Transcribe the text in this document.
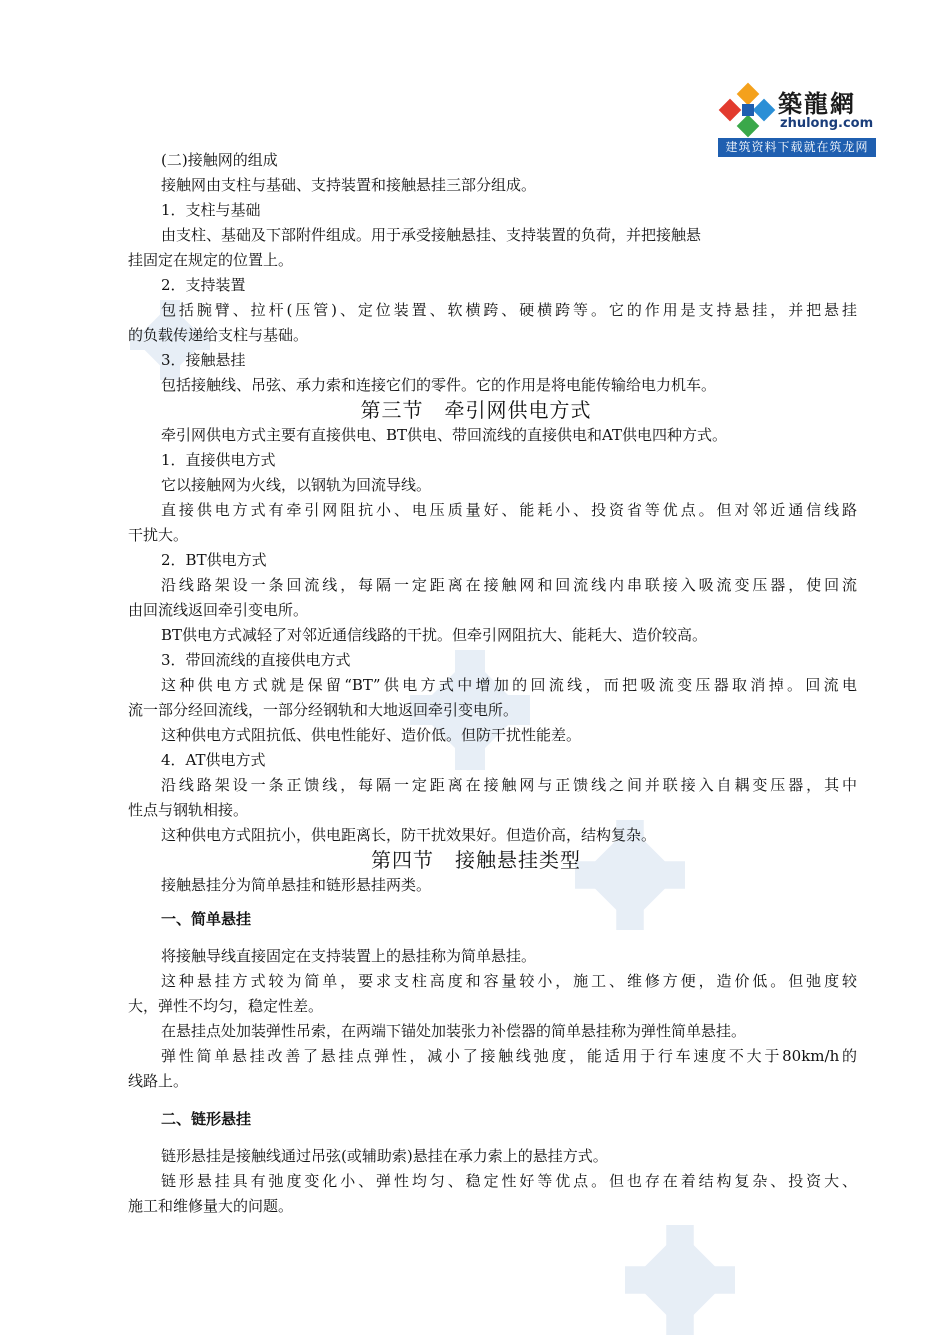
築龍網
zhulong.com
建筑资料下载就在筑龙网
(二)接触网的组成
接触网由支柱与基础、支持装置和接触悬挂三部分组成。
1．支柱与基础
由支柱、基础及下部附件组成。用于承受接触悬挂、支持装置的负荷，并把接触悬
挂固定在规定的位置上。
2．支持装置
包括腕臂、拉杆(压管)、定位装置、软横跨、硬横跨等。它的作用是支持悬挂，并把悬挂
的负载传递给支柱与基础。
3．接触悬挂
包括接触线、吊弦、承力索和连接它们的零件。它的作用是将电能传输给电力机车。
第三节　牵引网供电方式
牵引网供电方式主要有直接供电、BT供电、带回流线的直接供电和AT供电四种方式。
1．直接供电方式
它以接触网为火线，以钢轨为回流导线。
直接供电方式有牵引网阻抗小、电压质量好、能耗小、投资省等优点。但对邻近通信线路
干扰大。
2．BT供电方式
沿线路架设一条回流线，每隔一定距离在接触网和回流线内串联接入吸流变压器，使回流
由回流线返回牵引变电所。
BT供电方式减轻了对邻近通信线路的干扰。但牵引网阻抗大、能耗大、造价较高。
3．带回流线的直接供电方式
这种供电方式就是保留“BT”供电方式中增加的回流线，而把吸流变压器取消掉。回流电
流一部分经回流线，一部分经钢轨和大地返回牵引变电所。
这种供电方式阻抗低、供电性能好、造价低。但防干扰性能差。
4．AT供电方式
沿线路架设一条正馈线，每隔一定距离在接触网与正馈线之间并联接入自耦变压器，其中
性点与钢轨相接。
这种供电方式阻抗小，供电距离长，防干扰效果好。但造价高，结构复杂。
第四节　接触悬挂类型
接触悬挂分为简单悬挂和链形悬挂两类。
一、简单悬挂
将接触导线直接固定在支持装置上的悬挂称为简单悬挂。
这种悬挂方式较为简单，要求支柱高度和容量较小，施工、维修方便，造价低。但弛度较
大，弹性不均匀，稳定性差。
在悬挂点处加装弹性吊索，在两端下锚处加装张力补偿器的简单悬挂称为弹性简单悬挂。
弹性简单悬挂改善了悬挂点弹性，减小了接触线弛度，能适用于行车速度不大于80km/h的
线路上。
二、链形悬挂
链形悬挂是接触线通过吊弦(或辅助索)悬挂在承力索上的悬挂方式。
链形悬挂具有弛度变化小、弹性均匀、稳定性好等优点。但也存在着结构复杂、投资大、
施工和维修量大的问题。
